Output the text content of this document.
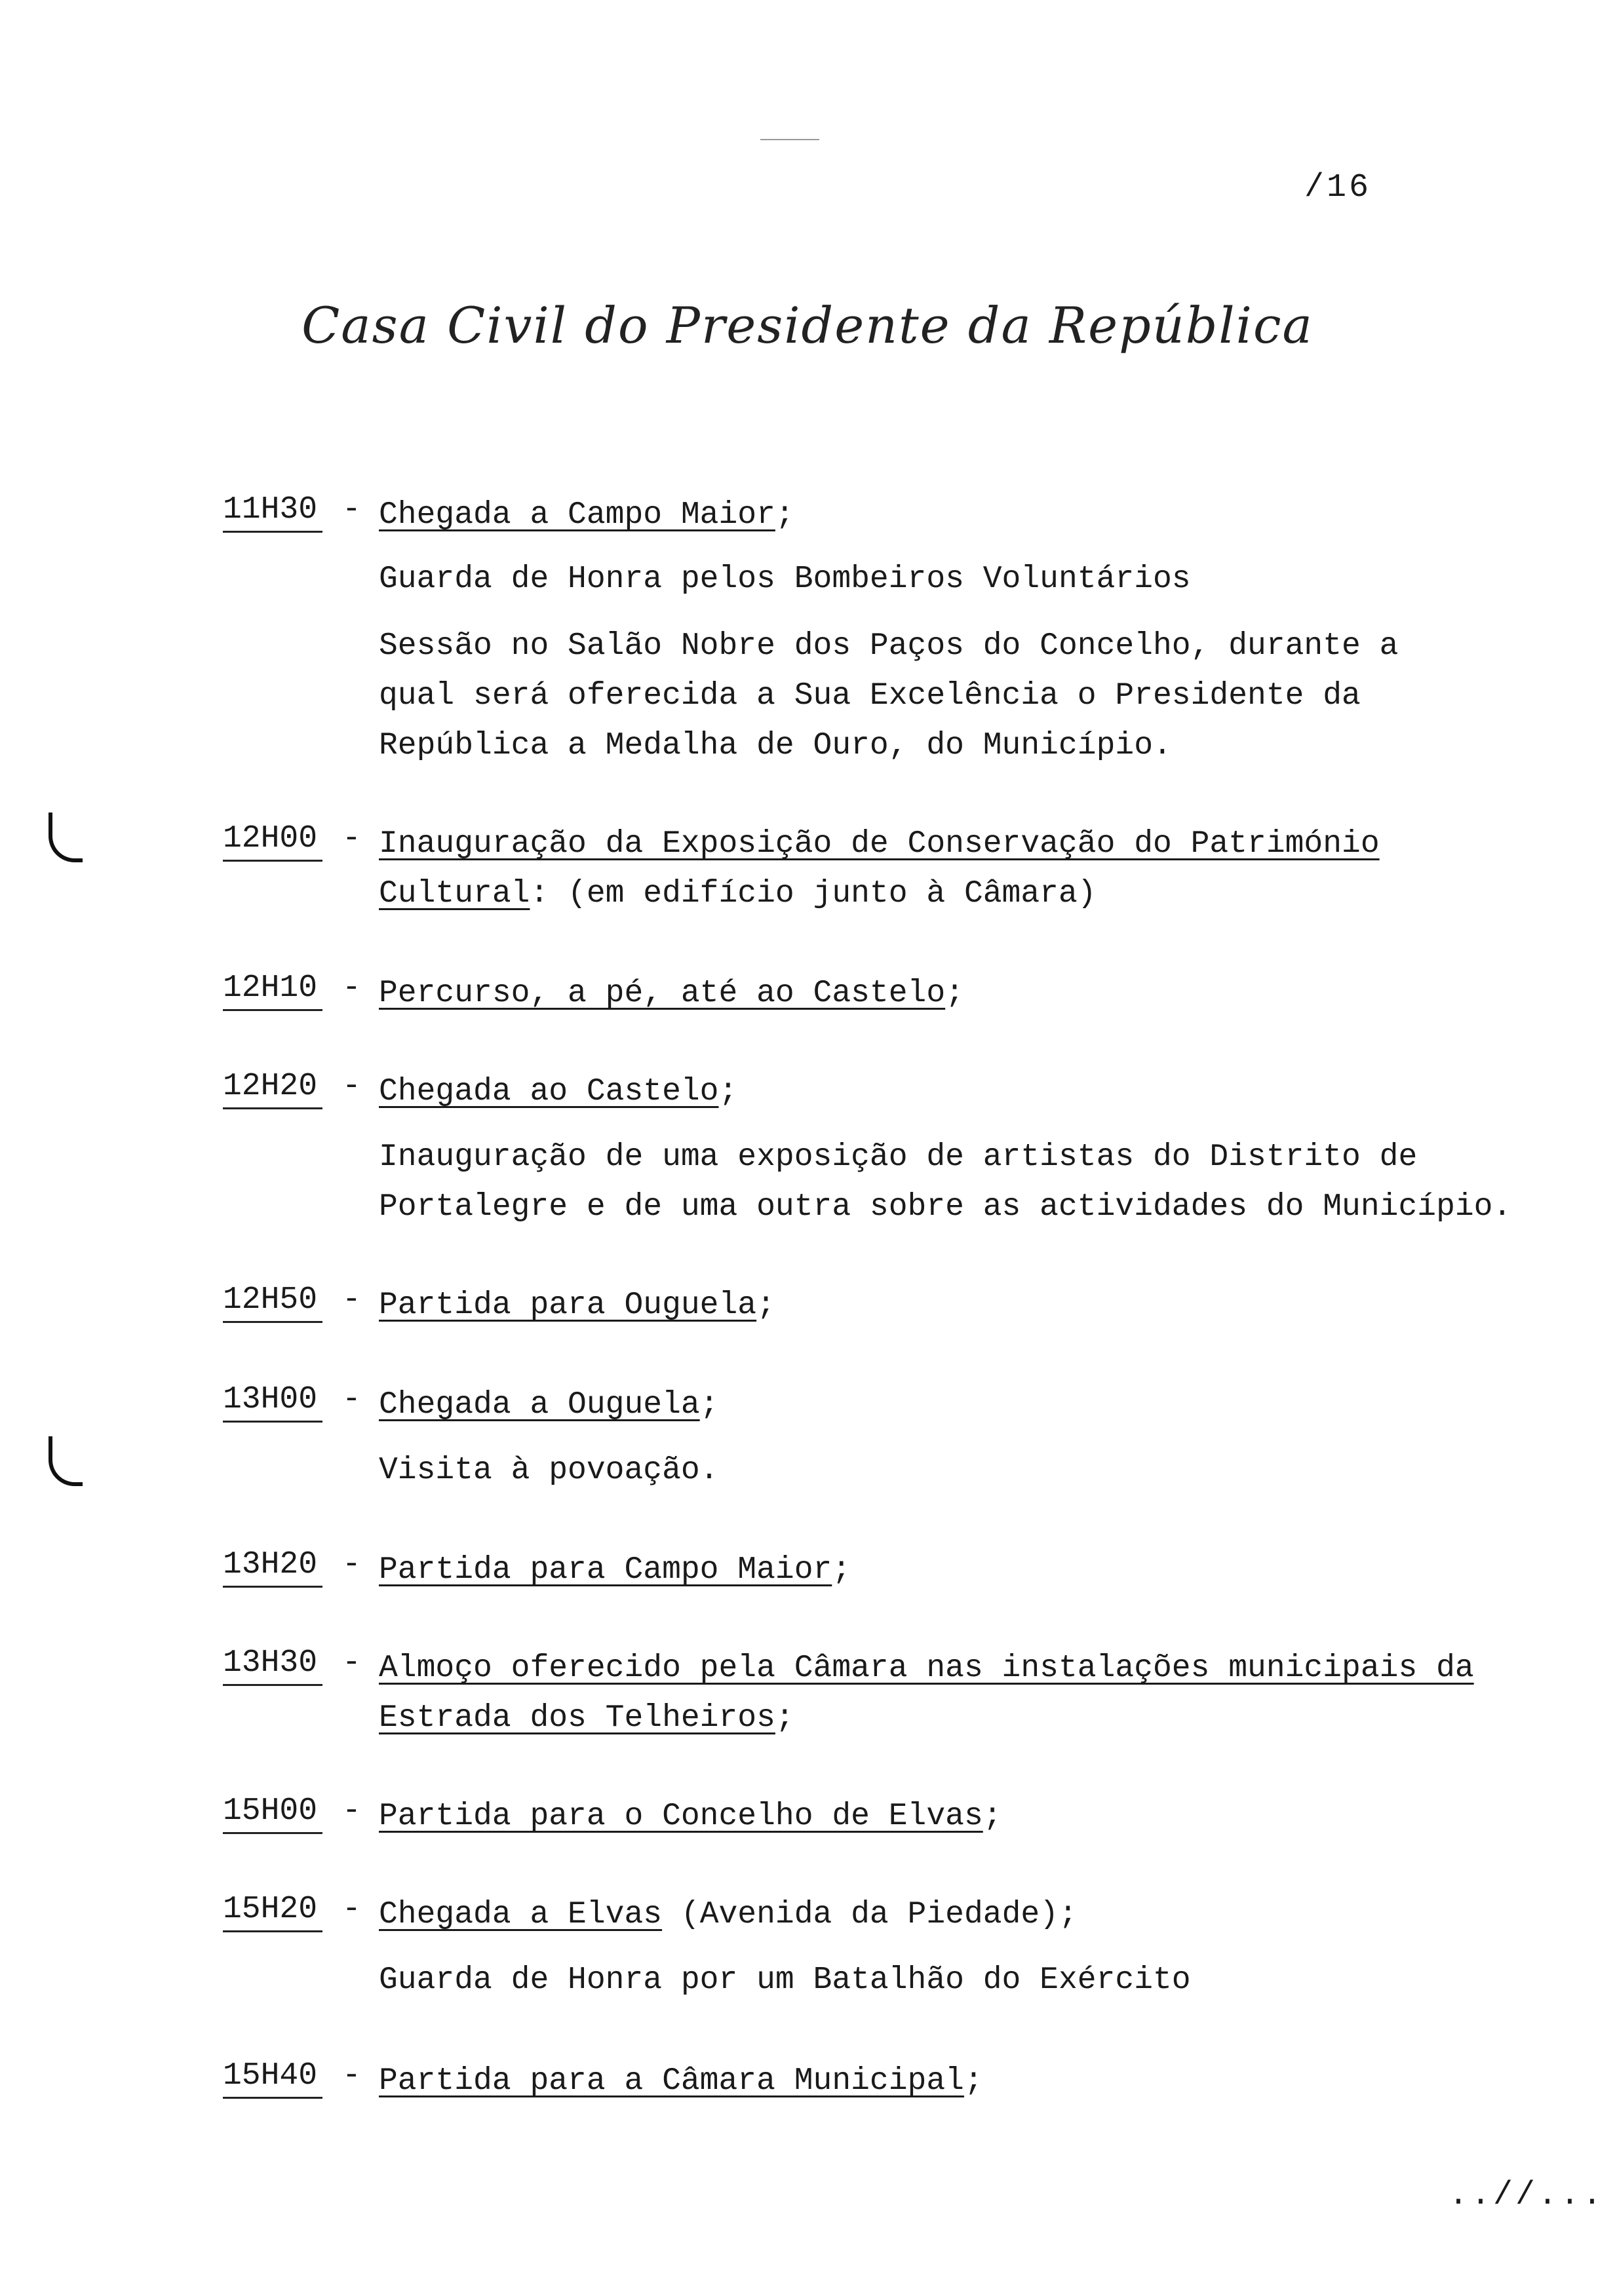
/16
Casa Civil do Presidente da República
11H30 - Chegada a Campo Maior;
Guarda de Honra pelos Bombeiros Voluntários
Sessão no Salão Nobre dos Paços do Concelho, durante a
qual será oferecida a Sua Excelência o Presidente da
República a Medalha de Ouro, do Município.
12H00 - Inauguração da Exposição de Conservação do Património
Cultural: (em edifício junto à Câmara)
12H10 - Percurso, a pé, até ao Castelo;
12H20 - Chegada ao Castelo;
Inauguração de uma exposição de artistas do Distrito de
Portalegre e de uma outra sobre as actividades do Município.
12H50 - Partida para Ouguela;
13H00 - Chegada a Ouguela;
Visita à povoação.
13H20 - Partida para Campo Maior;
13H30 - Almoço oferecido pela Câmara nas instalações municipais da
Estrada dos Telheiros;
15H00 - Partida para o Concelho de Elvas;
15H20 - Chegada a Elvas (Avenida da Piedade);
Guarda de Honra por um Batalhão do Exército
15H40 - Partida para a Câmara Municipal;
..//...
